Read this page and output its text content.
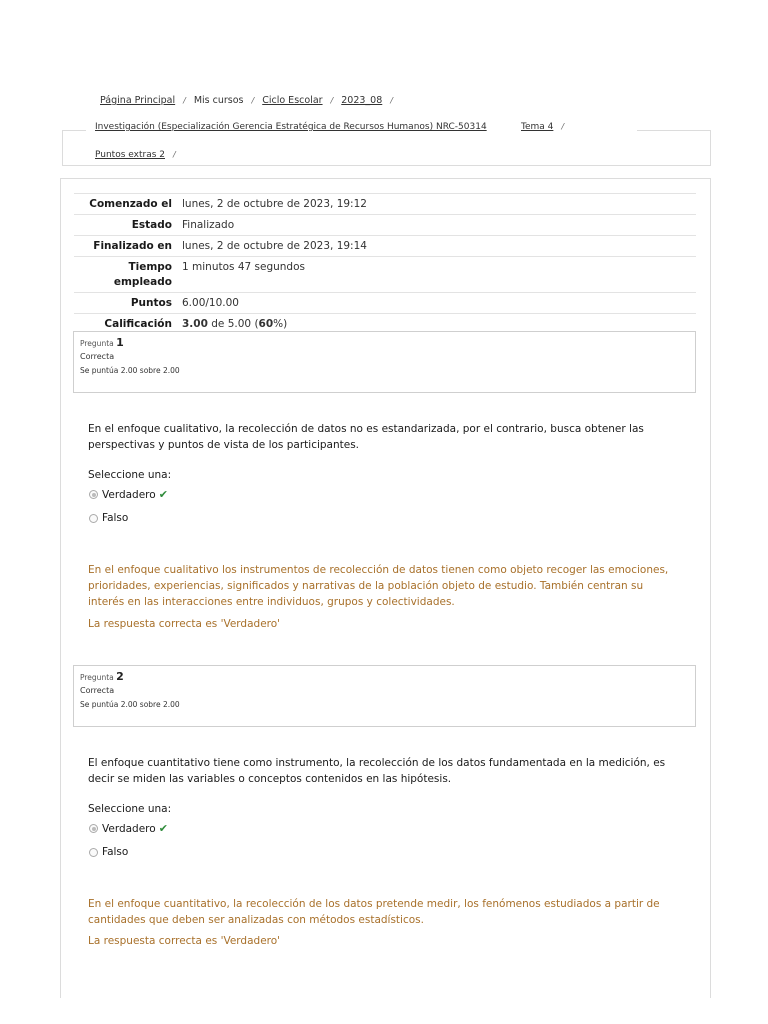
Página Principal / Mis cursos / Ciclo Escolar / 2023_08 /
Investigación (Especialización Gerencia Estratégica de Recursos Humanos) NRC-50314	Tema 4 /
Puntos extras 2 /
Comenzado el lunes, 2 de octubre de 2023, 19:12
Estado Finalizado
Finalizado en lunes, 2 de octubre de 2023, 19:14
Tiempo empleado
1 minutos 47 segundos
Puntos 6.00/10.00
Calificación 3.00 de 5.00 (60%)
Pregunta 1
Correcta
Se puntúa 2.00 sobre 2.00
En el enfoque cualitativo, la recolección de datos no es estandarizada, por el contrario, busca obtener las perspectivas y puntos de vista de los participantes.
Seleccione una:
Verdadero ✔
Falso
En el enfoque cualitativo los instrumentos de recolección de datos tienen como objeto recoger las emociones, prioridades, experiencias, significados y narrativas de la población objeto de estudio. También centran su interés en las interacciones entre individuos, grupos y colectividades.
La respuesta correcta es 'Verdadero'
Pregunta 2
Correcta
Se puntúa 2.00 sobre 2.00
El enfoque cuantitativo tiene como instrumento, la recolección de los datos fundamentada en la medición, es decir se miden las variables o conceptos contenidos en las hipótesis.
Seleccione una:
Verdadero ✔
Falso
En el enfoque cuantitativo, la recolección de los datos pretende medir, los fenómenos estudiados a partir de cantidades que deben ser analizadas con métodos estadísticos.
La respuesta correcta es 'Verdadero'
